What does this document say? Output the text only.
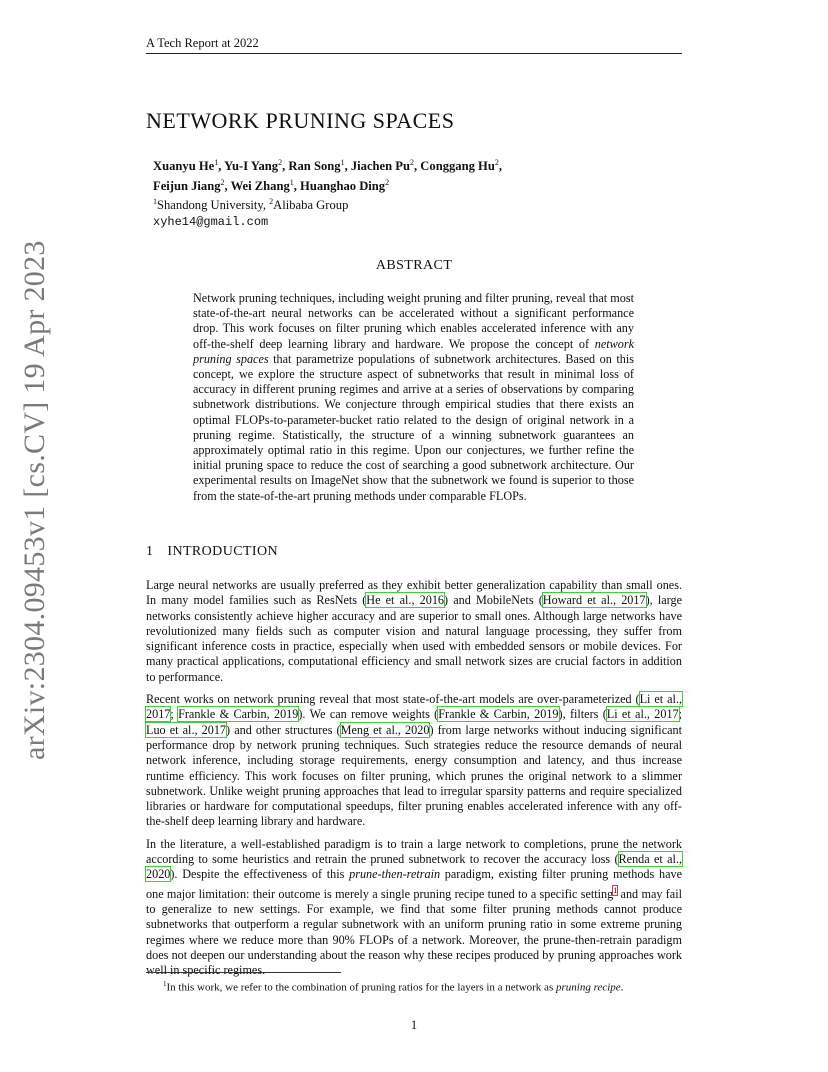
arXiv:2304.09453v1 [cs.CV] 19 Apr 2023
A Tech Report at 2022
NETWORK PRUNING SPACES
Xuanyu He$^1$, Yu-I Yang$^2$, Ran Song$^1$, Jiachen Pu$^2$, Conggang Hu$^2$,
Feijun Jiang$^2$, Wei Zhang$^1$, Huanghao Ding$^2$
$^1$Shandong University, $^2$Alibaba Group
xyhe14@gmail.com
ABSTRACT
Network pruning techniques, including weight pruning and filter pruning, reveal that most state-of-the-art neural networks can be accelerated without a significant performance drop. This work focuses on filter pruning which enables accelerated inference with any off-the-shelf deep learning library and hardware. We propose the concept of network pruning spaces that parametrize populations of subnetwork architectures. Based on this concept, we explore the structure aspect of subnetworks that result in minimal loss of accuracy in different pruning regimes and arrive at a series of observations by comparing subnetwork distributions. We conjecture through empirical studies that there exists an optimal FLOPs-to-parameter-bucket ratio related to the design of original network in a pruning regime. Statistically, the structure of a winning subnetwork guarantees an approximately optimal ratio in this regime. Upon our conjectures, we further refine the initial pruning space to reduce the cost of searching a good subnetwork architecture. Our experimental results on ImageNet show that the subnetwork we found is superior to those from the state-of-the-art pruning methods under comparable FLOPs.
1 INTRODUCTION

Large neural networks are usually preferred as they exhibit better generalization capability than small ones. In many model families such as ResNets (He et al., 2016) and MobileNets (Howard et al., 2017), large networks consistently achieve higher accuracy and are superior to small ones. Although large networks have revolutionized many fields such as computer vision and natural language processing, they suffer from significant inference costs in practice, especially when used with embedded sensors or mobile devices. For many practical applications, computational efficiency and small network sizes are crucial factors in addition to performance.

Recent works on network pruning reveal that most state-of-the-art models are over-parameterized (Li et al., 2017; Frankle & Carbin, 2019). We can remove weights (Frankle & Carbin, 2019), filters (Li et al., 2017; Luo et al., 2017) and other structures (Meng et al., 2020) from large networks without inducing significant performance drop by network pruning techniques. Such strategies reduce the resource demands of neural network inference, including storage requirements, energy consumption and latency, and thus increase runtime efficiency. This work focuses on filter pruning, which prunes the original network to a slimmer subnetwork. Unlike weight pruning approaches that lead to irregular sparsity patterns and require specialized libraries or hardware for computational speedups, filter pruning enables accelerated inference with any off-the-shelf deep learning library and hardware.

In the literature, a well-established paradigm is to train a large network to completions, prune the network according to some heuristics and retrain the pruned subnetwork to recover the accuracy loss (Renda et al., 2020). Despite the effectiveness of this prune-then-retrain paradigm, existing filter pruning methods have one major limitation: their outcome is merely a single pruning recipe tuned to a specific setting$^1$ and may fail to generalize to new settings. For example, we find that some filter pruning methods cannot produce subnetworks that outperform a regular subnetwork with an uniform pruning ratio in some extreme pruning regimes where we reduce more than 90% FLOPs of a network. Moreover, the prune-then-retrain paradigm does not deepen our understanding about the reason why these recipes produced by pruning approaches work well in specific regimes.

$^1$In this work, we refer to the combination of pruning ratios for the layers in a network as pruning recipe.
1
